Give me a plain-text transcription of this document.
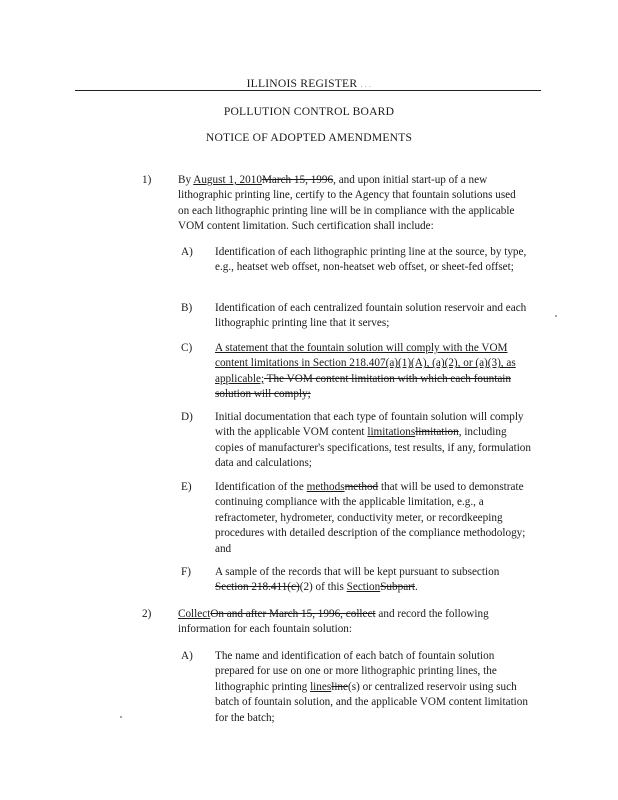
ILLINOIS REGISTER . . .
POLLUTION CONTROL BOARD
NOTICE OF ADOPTED AMENDMENTS
1) By August 1, 2010March 15, 1996, and upon initial start-up of a new lithographic printing line, certify to the Agency that fountain solutions used on each lithographic printing line will be in compliance with the applicable VOM content limitation. Such certification shall include:
A) Identification of each lithographic printing line at the source, by type, e.g., heatset web offset, non-heatset web offset, or sheet-fed offset;
B) Identification of each centralized fountain solution reservoir and each lithographic printing line that it serves;
C) A statement that the fountain solution will comply with the VOM content limitations in Section 218.407(a)(1)(A), (a)(2), or (a)(3), as applicable; The VOM content limitation with which each fountain solution will comply;
D) Initial documentation that each type of fountain solution will comply with the applicable VOM content limitationslimitation, including copies of manufacturer's specifications, test results, if any, formulation data and calculations;
E) Identification of the methodsmethod that will be used to demonstrate continuing compliance with the applicable limitation, e.g., a refractometer, hydrometer, conductivity meter, or recordkeeping procedures with detailed description of the compliance methodology; and
F) A sample of the records that will be kept pursuant to subsection Section 218.411(c)(2) of this SectionSubpart.
2) CollectOn and after March 15, 1996, collect and record the following information for each fountain solution:
A) The name and identification of each batch of fountain solution prepared for use on one or more lithographic printing lines, the lithographic printing linesline(s) or centralized reservoir using such batch of fountain solution, and the applicable VOM content limitation for the batch;
